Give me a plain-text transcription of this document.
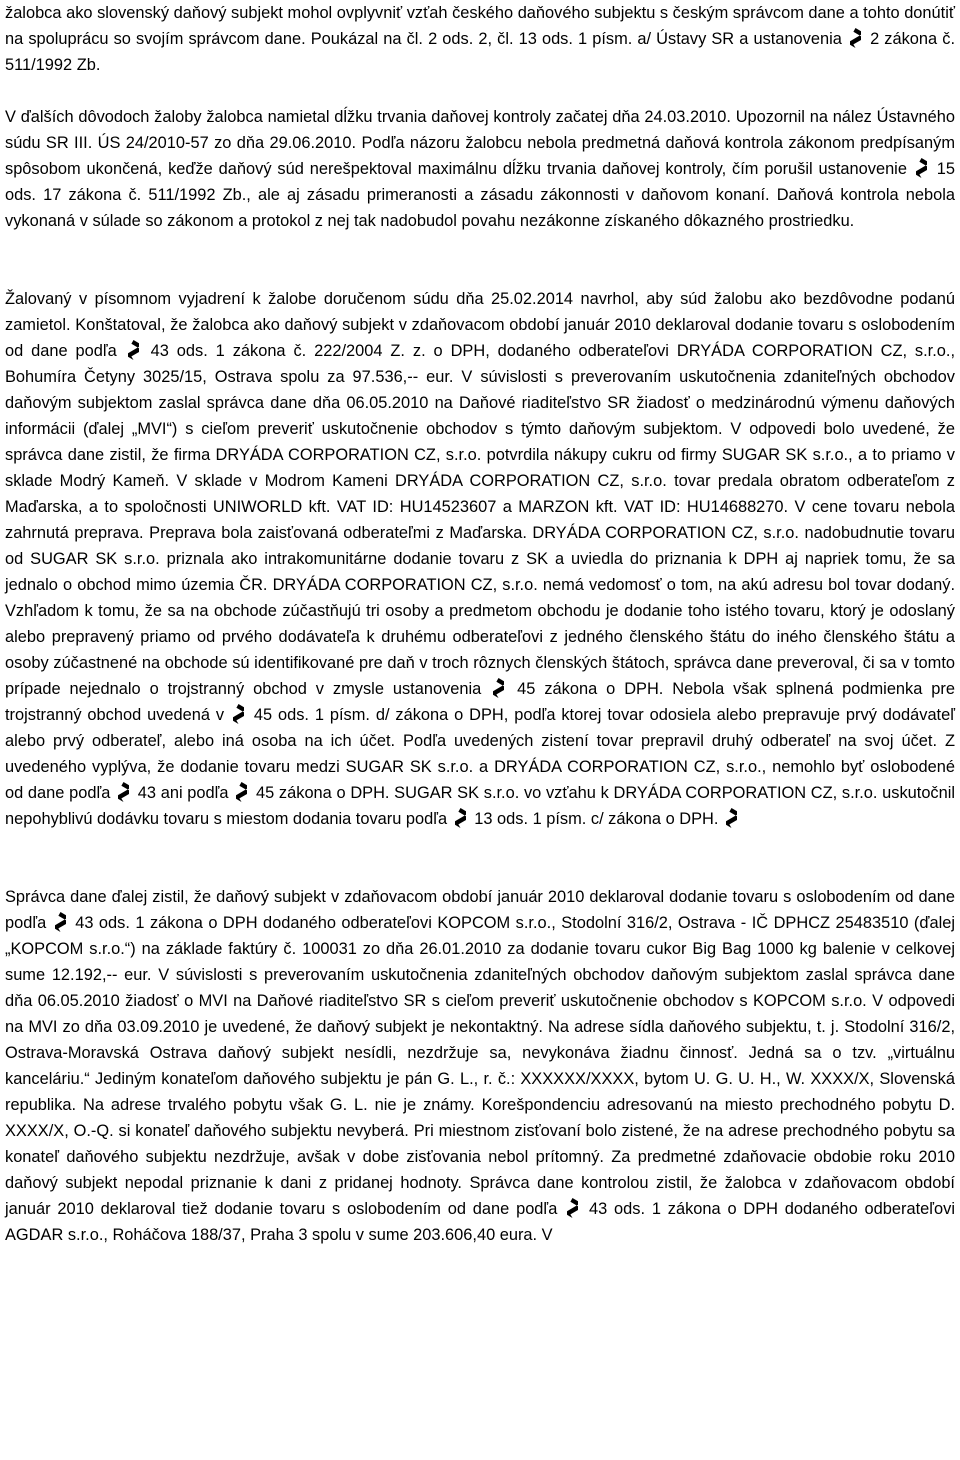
žalobca ako slovenský daňový subjekt mohol ovplyvniť vzťah českého daňového subjektu s českým správcom dane a tohto donútiť na spoluprácu so svojím správcom dane. Poukázal na čl. 2 ods. 2, čl. 13 ods. 1 písm. a/ Ústavy SR a ustanovenia 2 zákona č. 511/1992 Zb.

V ďalších dôvodoch žaloby žalobca namietal dĺžku trvania daňovej kontroly začatej dňa 24.03.2010. Upozornil na nález Ústavného súdu SR III. ÚS 24/2010-57 zo dňa 29.06.2010. Podľa názoru žalobcu nebola predmetná daňová kontrola zákonom predpísaným spôsobom ukončená, keďže daňový súd nerešpektoval maximálnu dĺžku trvania daňovej kontroly, čím porušil ustanovenie 15 ods. 17 zákona č. 511/1992 Zb., ale aj zásadu primeranosti a zásadu zákonnosti v daňovom konaní. Daňová kontrola nebola vykonaná v súlade so zákonom a protokol z nej tak nadobudol povahu nezákonne získaného dôkazného prostriedku.

Žalovaný v písomnom vyjadrení k žalobe doručenom súdu dňa 25.02.2014 navrhol, aby súd žalobu ako bezdôvodne podanú zamietol. Konštatoval, že žalobca ako daňový subjekt v zdaňovacom období január 2010 deklaroval dodanie tovaru s oslobodením od dane podľa 43 ods. 1 zákona č. 222/2004 Z. z. o DPH, dodaného odberateľovi DRYÁDA CORPORATION CZ, s.r.o., Bohumíra Četyny 3025/15, Ostrava spolu za 97.536,-- eur. V súvislosti s preverovaním uskutočnenia zdaniteľných obchodov daňovým subjektom zaslal správca dane dňa 06.05.2010 na Daňové riaditeľstvo SR žiadosť o medzinárodnú výmenu daňových informácii (ďalej „MVI“) s cieľom preveriť uskutočnenie obchodov s týmto daňovým subjektom. V odpovedi bolo uvedené, že správca dane zistil, že firma DRYÁDA CORPORATION CZ, s.r.o. potvrdila nákupy cukru od firmy SUGAR SK s.r.o., a to priamo v sklade Modrý Kameň. V sklade v Modrom Kameni DRYÁDA CORPORATION CZ, s.r.o. tovar predala obratom odberateľom z Maďarska, a to spoločnosti UNIWORLD kft. VAT ID: HU14523607 a MARZON kft. VAT ID: HU14688270. V cene tovaru nebola zahrnutá preprava. Preprava bola zaisťovaná odberateľmi z Maďarska. DRYÁDA CORPORATION CZ, s.r.o. nadobudnutie tovaru od SUGAR SK s.r.o. priznala ako intrakomunitárne dodanie tovaru z SK a uviedla do priznania k DPH aj napriek tomu, že sa jednalo o obchod mimo územia ČR. DRYÁDA CORPORATION CZ, s.r.o. nemá vedomosť o tom, na akú adresu bol tovar dodaný. Vzhľadom k tomu, že sa na obchode zúčastňujú tri osoby a predmetom obchodu je dodanie toho istého tovaru, ktorý je odoslaný alebo prepravený priamo od prvého dodávateľa k druhému odberateľovi z jedného členského štátu do iného členského štátu a osoby zúčastnené na obchode sú identifikované pre daň v troch rôznych členských štátoch, správca dane preveroval, či sa v tomto prípade nejednalo o trojstranný obchod v zmysle ustanovenia 45 zákona o DPH. Nebola však splnená podmienka pre trojstranný obchod uvedená v 45 ods. 1 písm. d/ zákona o DPH, podľa ktorej tovar odosiela alebo prepravuje prvý dodávateľ alebo prvý odberateľ, alebo iná osoba na ich účet. Podľa uvedených zistení tovar prepravil druhý odberateľ na svoj účet. Z uvedeného vyplýva, že dodanie tovaru medzi SUGAR SK s.r.o. a DRYÁDA CORPORATION CZ, s.r.o., nemohlo byť oslobodené od dane podľa 43 ani podľa 45 zákona o DPH. SUGAR SK s.r.o. vo vzťahu k DRYÁDA CORPORATION CZ, s.r.o. uskutočnil nepohyblivú dodávku tovaru s miestom dodania tovaru podľa 13 ods. 1 písm. c/ zákona o DPH.

Správca dane ďalej zistil, že daňový subjekt v zdaňovacom období január 2010 deklaroval dodanie tovaru s oslobodením od dane podľa 43 ods. 1 zákona o DPH dodaného odberateľovi KOPCOM s.r.o., Stodolní 316/2, Ostrava - IČ DPHCZ 25483510 (ďalej „KOPCOM s.r.o.“) na základe faktúry č. 100031 zo dňa 26.01.2010 za dodanie tovaru cukor Big Bag 1000 kg balenie v celkovej sume 12.192,-- eur. V súvislosti s preverovaním uskutočnenia zdaniteľných obchodov daňovým subjektom zaslal správca dane dňa 06.05.2010 žiadosť o MVI na Daňové riaditeľstvo SR s cieľom preveriť uskutočnenie obchodov s KOPCOM s.r.o. V odpovedi na MVI zo dňa 03.09.2010 je uvedené, že daňový subjekt je nekontaktný. Na adrese sídla daňového subjektu, t. j. Stodolní 316/2, Ostrava-Moravská Ostrava daňový subjekt nesídli, nezdržuje sa, nevykonáva žiadnu činnosť. Jedná sa o tzv. „virtuálnu kanceláriu.“ Jediným konateľom daňového subjektu je pán G. L., r. č.: XXXXXX/XXXX, bytom U. G. U. H., W. XXXX/X, Slovenská republika. Na adrese trvalého pobytu však G. L. nie je známy. Korešpondenciu adresovanú na miesto prechodného pobytu D. XXXX/X, O.-Q. si konateľ daňového subjektu nevyberá. Pri miestnom zisťovaní bolo zistené, že na adrese prechodného pobytu sa konateľ daňového subjektu nezdržuje, avšak v dobe zisťovania nebol prítomný. Za predmetné zdaňovacie obdobie roku 2010 daňový subjekt nepodal priznanie k dani z pridanej hodnoty. Správca dane kontrolou zistil, že žalobca v zdaňovacom období január 2010 deklaroval tiež dodanie tovaru s oslobodením od dane podľa 43 ods. 1 zákona o DPH dodaného odberateľovi AGDAR s.r.o., Roháčova 188/37, Praha 3 spolu v sume 203.606,40 eura. V
